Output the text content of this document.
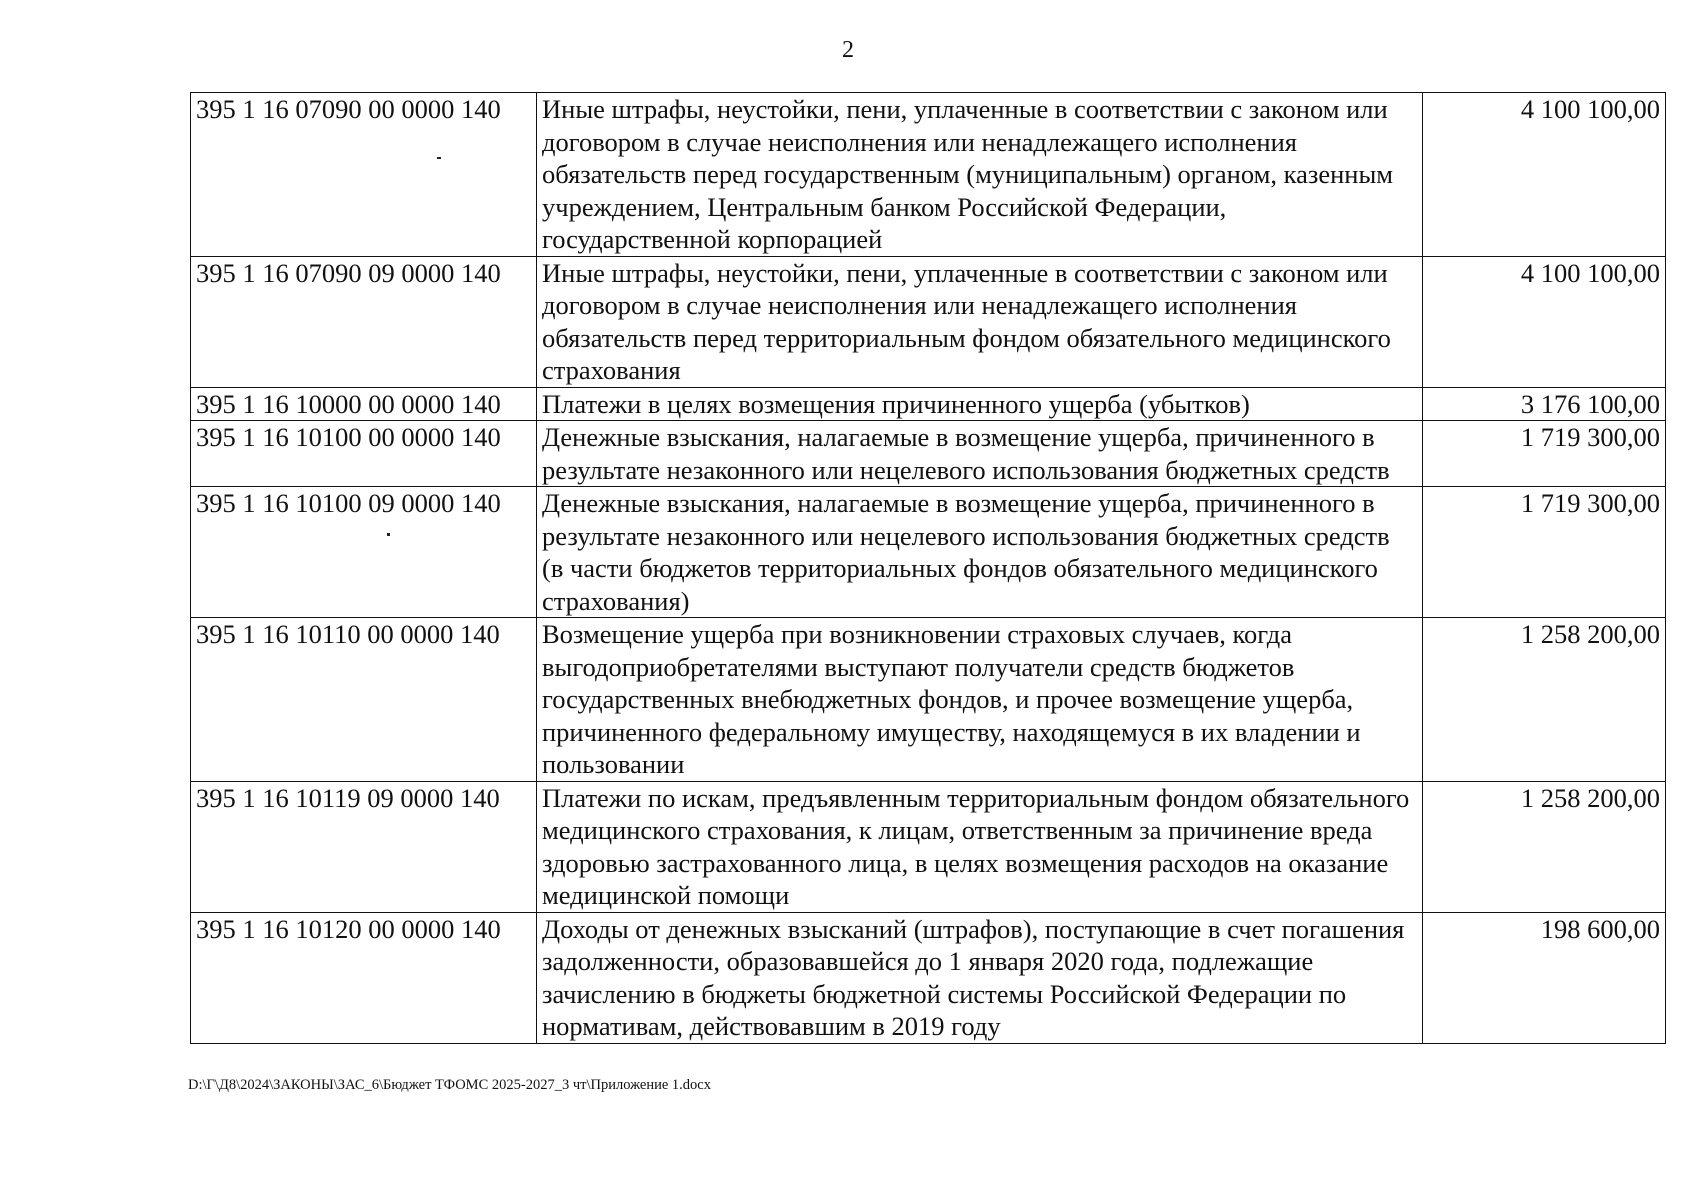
2
395 1 16 07090 00 0000 140	Иные штрафы, неустойки, пени, уплаченные в соответствии с законом или договором в случае неисполнения или ненадлежащего исполнения обязательств перед государственным (муниципальным) органом, казенным учреждением, Центральным банком Российской Федерации, государственной корпорацией	4 100 100,00
395 1 16 07090 09 0000 140	Иные штрафы, неустойки, пени, уплаченные в соответствии с законом или договором в случае неисполнения или ненадлежащего исполнения обязательств перед территориальным фондом обязательного медицинского страхования	4 100 100,00
395 1 16 10000 00 0000 140	Платежи в целях возмещения причиненного ущерба (убытков)	3 176 100,00
395 1 16 10100 00 0000 140	Денежные взыскания, налагаемые в возмещение ущерба, причиненного в результате незаконного или нецелевого использования бюджетных средств	1 719 300,00
395 1 16 10100 09 0000 140	Денежные взыскания, налагаемые в возмещение ущерба, причиненного в результате незаконного или нецелевого использования бюджетных средств (в части бюджетов территориальных фондов обязательного медицинского страхования)	1 719 300,00
395 1 16 10110 00 0000 140	Возмещение ущерба при возникновении страховых случаев, когда выгодоприобретателями выступают получатели средств бюджетов государственных внебюджетных фондов, и прочее возмещение ущерба, причиненного федеральному имуществу, находящемуся в их владении и пользовании	1 258 200,00
395 1 16 10119 09 0000 140	Платежи по искам, предъявленным территориальным фондом обязательного медицинского страхования, к лицам, ответственным за причинение вреда здоровью застрахованного лица, в целях возмещения расходов на оказание медицинской помощи	1 258 200,00
395 1 16 10120 00 0000 140	Доходы от денежных взысканий (штрафов), поступающие в счет погашения задолженности, образовавшейся до 1 января 2020 года, подлежащие зачислению в бюджеты бюджетной системы Российской Федерации по нормативам, действовавшим в 2019 году	198 600,00
D:\Г\Д8\2024\ЗАКОНЫ\ЗАС_6\Бюджет ТФОМС 2025-2027_3 чт\Приложение 1.docx
